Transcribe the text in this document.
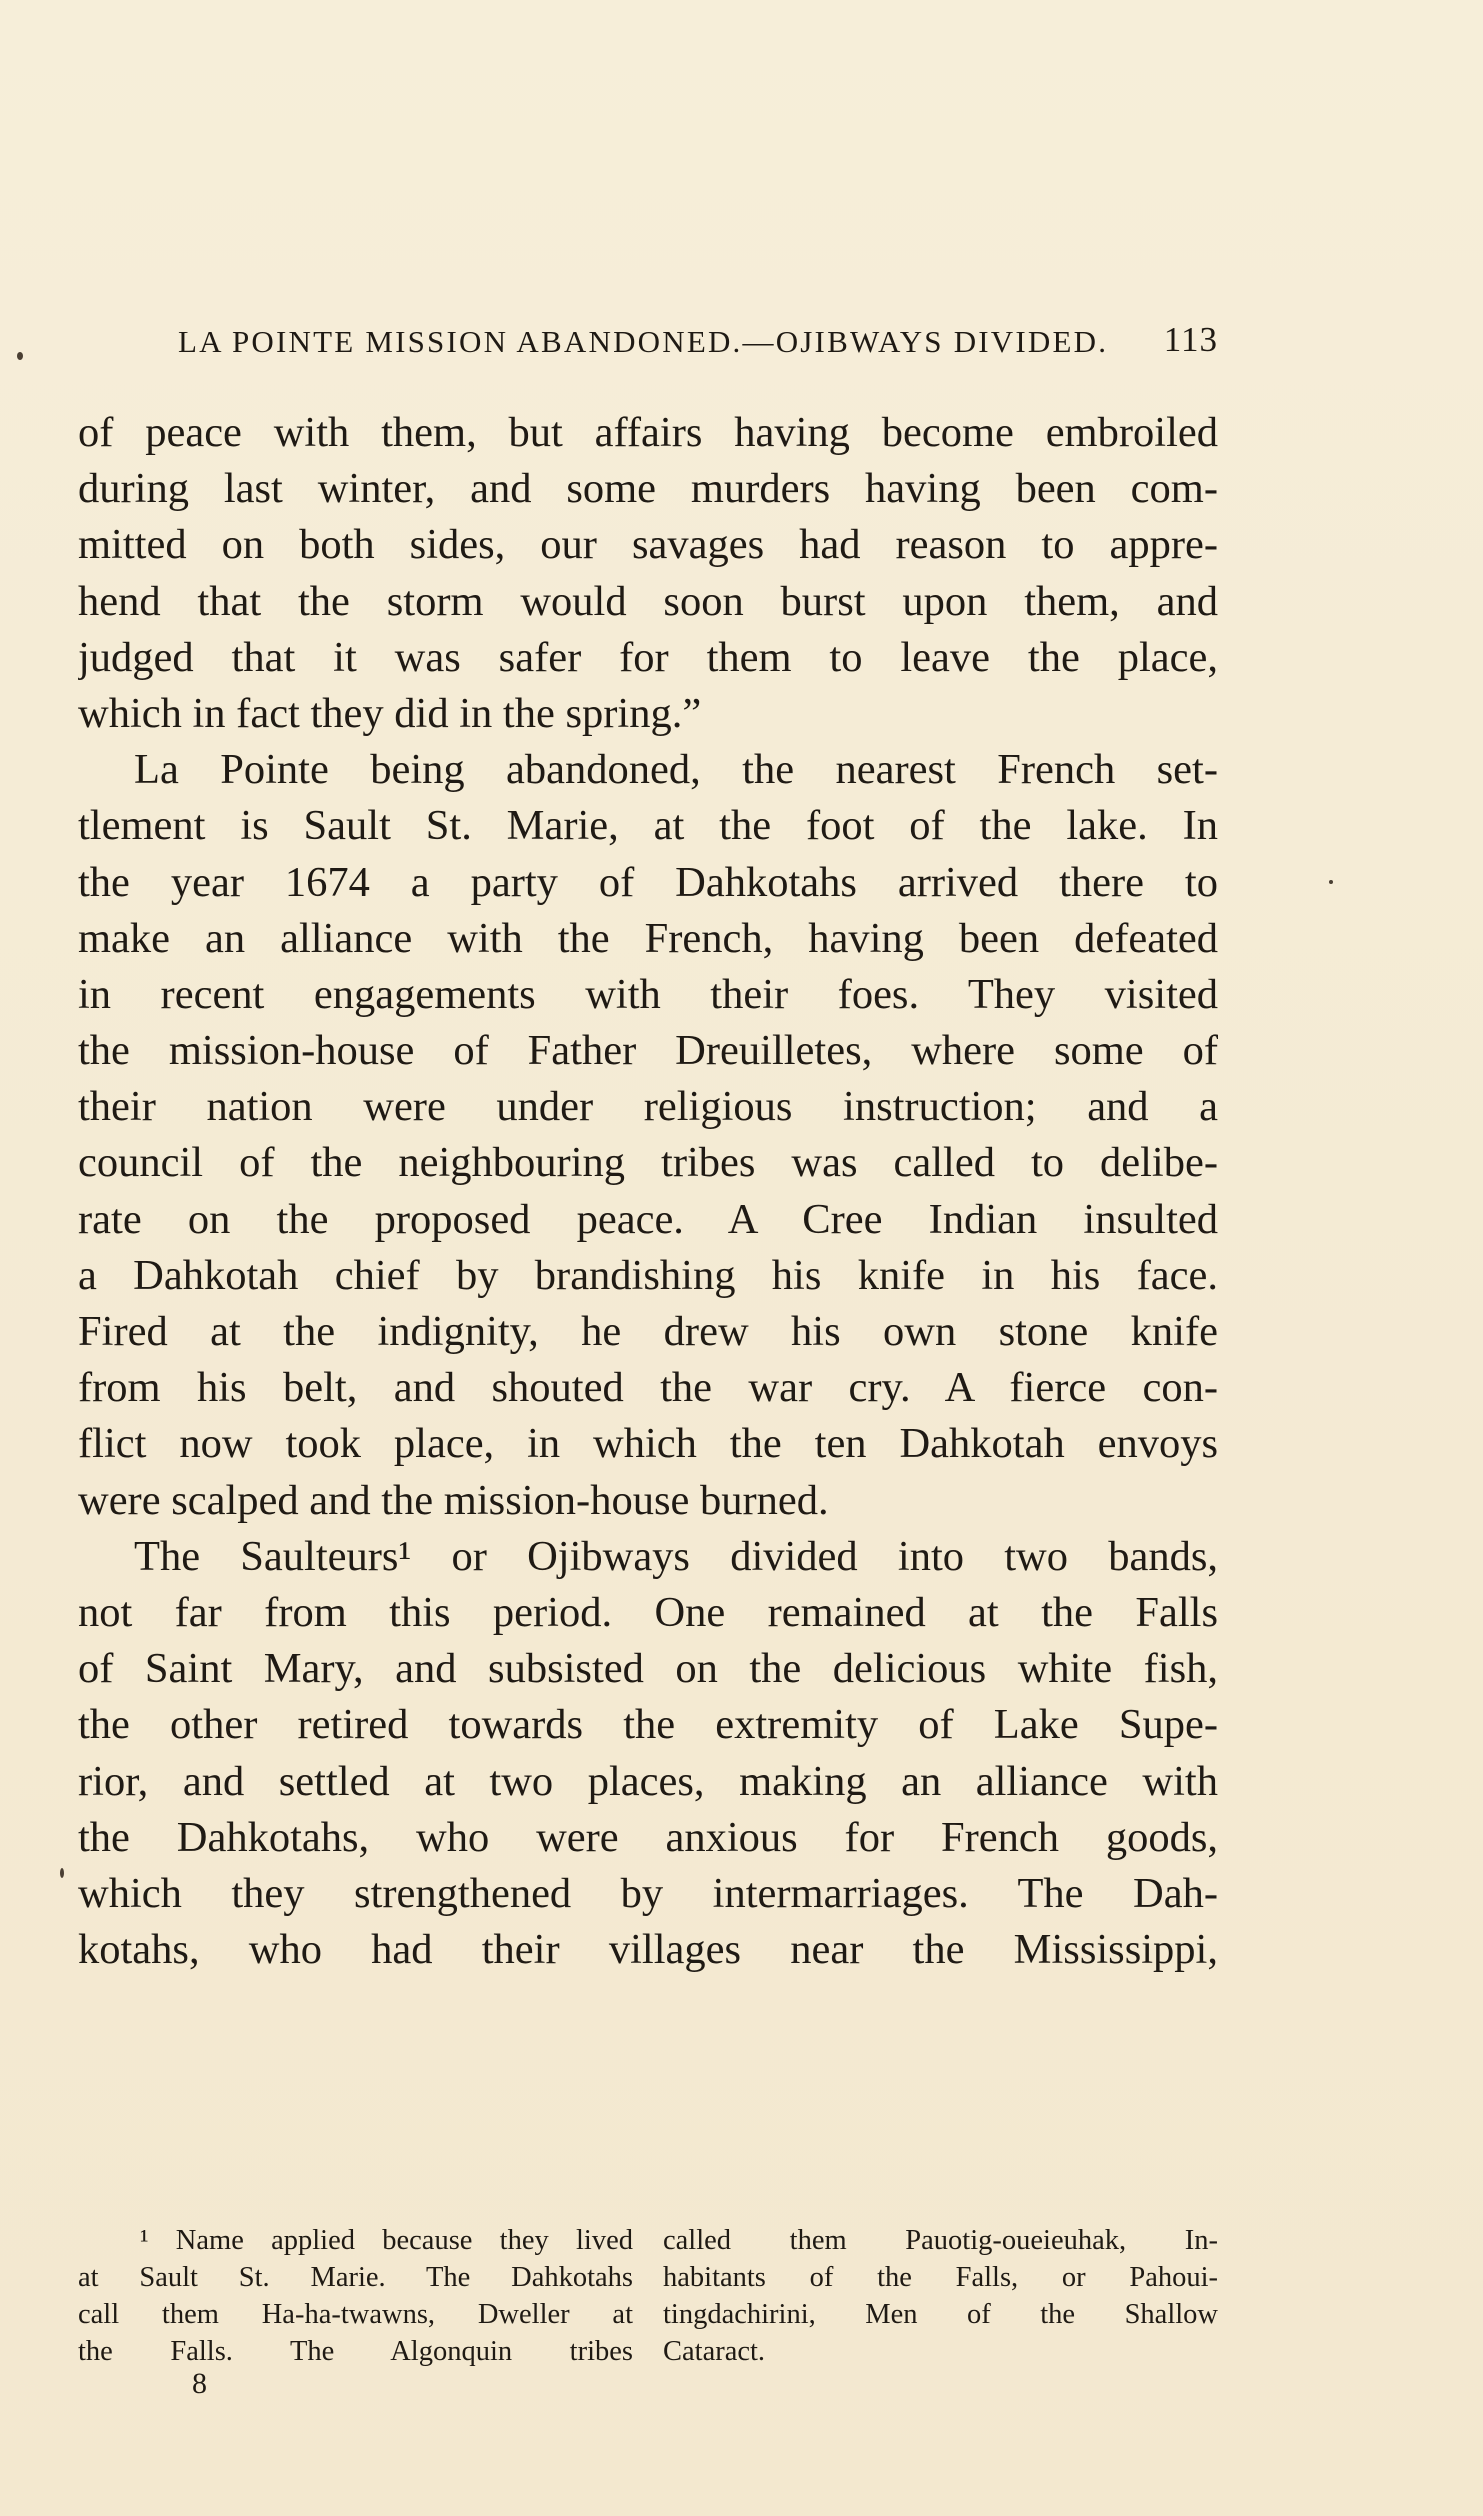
LA POINTE MISSION ABANDONED.—OJIBWAYS DIVIDED. 113
of peace with them, but affairs having become embroiled
during last winter, and some murders having been com-
mitted on both sides, our savages had reason to appre-
hend that the storm would soon burst upon them, and
judged that it was safer for them to leave the place,
which in fact they did in the spring.”
La Pointe being abandoned, the nearest French set-
tlement is Sault St. Marie, at the foot of the lake. In
the year 1674 a party of Dahkotahs arrived there to
make an alliance with the French, having been defeated
in recent engagements with their foes. They visited
the mission-house of Father Dreuilletes, where some of
their nation were under religious instruction; and a
council of the neighbouring tribes was called to delibe-
rate on the proposed peace. A Cree Indian insulted
a Dahkotah chief by brandishing his knife in his face.
Fired at the indignity, he drew his own stone knife
from his belt, and shouted the war cry. A fierce con-
flict now took place, in which the ten Dahkotah envoys
were scalped and the mission-house burned.
The Saulteurs¹ or Ojibways divided into two bands,
not far from this period. One remained at the Falls
of Saint Mary, and subsisted on the delicious white fish,
the other retired towards the extremity of Lake Supe-
rior, and settled at two places, making an alliance with
the Dahkotahs, who were anxious for French goods,
which they strengthened by intermarriages. The Dah-
kotahs, who had their villages near the Mississippi,
¹ Name applied because they lived
at Sault St. Marie. The Dahkotahs
call them Ha-ha-twawns, Dweller at
the Falls. The Algonquin tribes
called them Pauotig-oueieuhak, In-
habitants of the Falls, or Pahoui-
tingdachirini, Men of the Shallow
Cataract.
8
